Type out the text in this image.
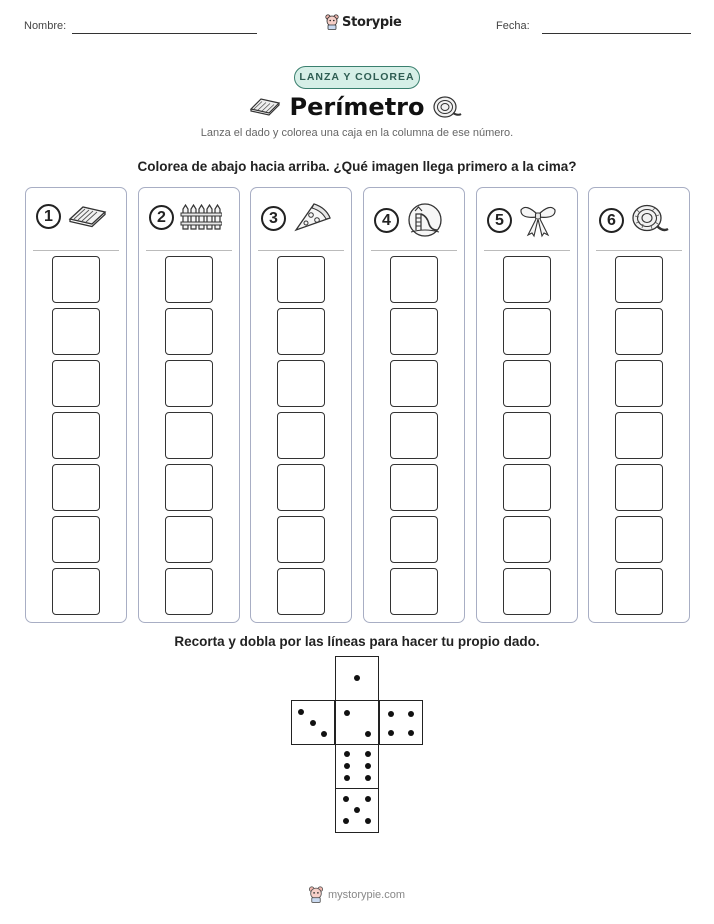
Nombre:	Storypie	Fecha:
LANZA Y COLOREA
Perímetro
Lanza el dado y colorea una caja en la columna de ese número.
Colorea de abajo hacia arriba. ¿Qué imagen llega primero a la cima?
1	2	3	4	5	6
Recorta y dobla por las líneas para hacer tu propio dado.
mystorypie.com
